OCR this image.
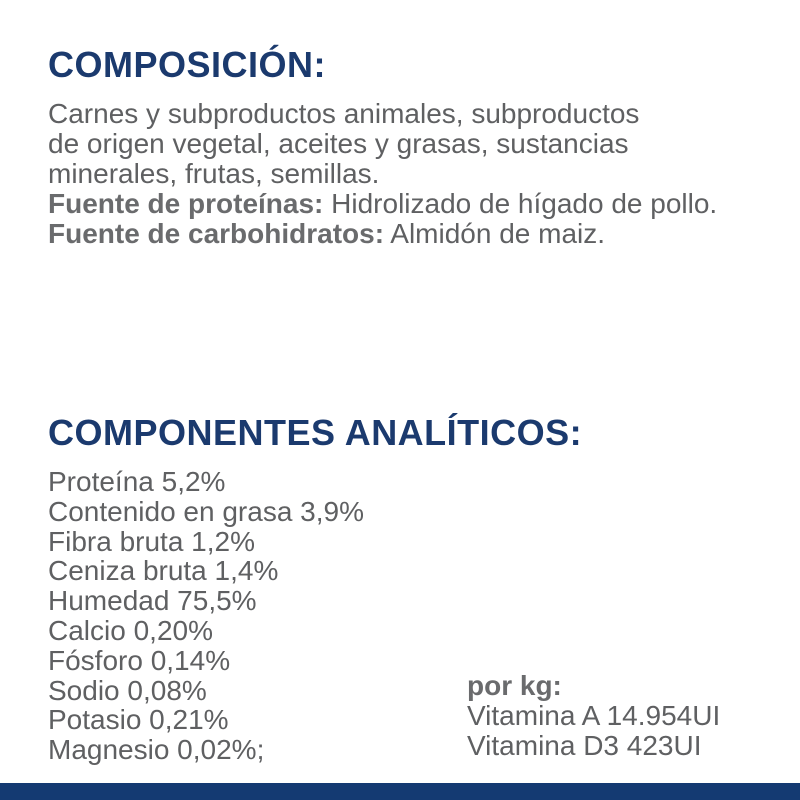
COMPOSICIÓN:
Carnes y subproductos animales, subproductos
de origen vegetal, aceites y grasas, sustancias
minerales, frutas, semillas.
Fuente de proteínas: Hidrolizado de hígado de pollo.
Fuente de carbohidratos: Almidón de maiz.
COMPONENTES ANALÍTICOS:
Proteína 5,2%
Contenido en grasa 3,9%
Fibra bruta 1,2%
Ceniza bruta 1,4%
Humedad 75,5%
Calcio 0,20%
Fósforo 0,14%
Sodio 0,08%
Potasio 0,21%
Magnesio 0,02%;
por kg:
Vitamina A 14.954UI
Vitamina D3 423UI
